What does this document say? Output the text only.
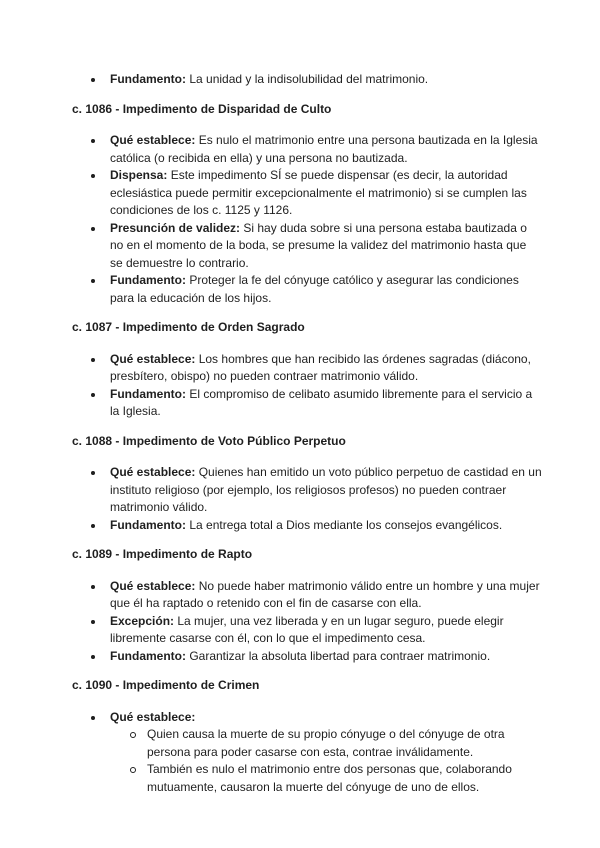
Fundamento: La unidad y la indisolubilidad del matrimonio.
c. 1086 - Impedimento de Disparidad de Culto
Qué establece: Es nulo el matrimonio entre una persona bautizada en la Iglesia católica (o recibida en ella) y una persona no bautizada.
Dispensa: Este impedimento SÍ se puede dispensar (es decir, la autoridad eclesiástica puede permitir excepcionalmente el matrimonio) si se cumplen las condiciones de los c. 1125 y 1126.
Presunción de validez: Si hay duda sobre si una persona estaba bautizada o no en el momento de la boda, se presume la validez del matrimonio hasta que se demuestre lo contrario.
Fundamento: Proteger la fe del cónyuge católico y asegurar las condiciones para la educación de los hijos.
c. 1087 - Impedimento de Orden Sagrado
Qué establece: Los hombres que han recibido las órdenes sagradas (diácono, presbítero, obispo) no pueden contraer matrimonio válido.
Fundamento: El compromiso de celibato asumido libremente para el servicio a la Iglesia.
c. 1088 - Impedimento de Voto Público Perpetuo
Qué establece: Quienes han emitido un voto público perpetuo de castidad en un instituto religioso (por ejemplo, los religiosos profesos) no pueden contraer matrimonio válido.
Fundamento: La entrega total a Dios mediante los consejos evangélicos.
c. 1089 - Impedimento de Rapto
Qué establece: No puede haber matrimonio válido entre un hombre y una mujer que él ha raptado o retenido con el fin de casarse con ella.
Excepción: La mujer, una vez liberada y en un lugar seguro, puede elegir libremente casarse con él, con lo que el impedimento cesa.
Fundamento: Garantizar la absoluta libertad para contraer matrimonio.
c. 1090 - Impedimento de Crimen
Qué establece:
Quien causa la muerte de su propio cónyuge o del cónyuge de otra persona para poder casarse con esta, contrae inválidamente.
También es nulo el matrimonio entre dos personas que, colaborando mutuamente, causaron la muerte del cónyuge de uno de ellos.
